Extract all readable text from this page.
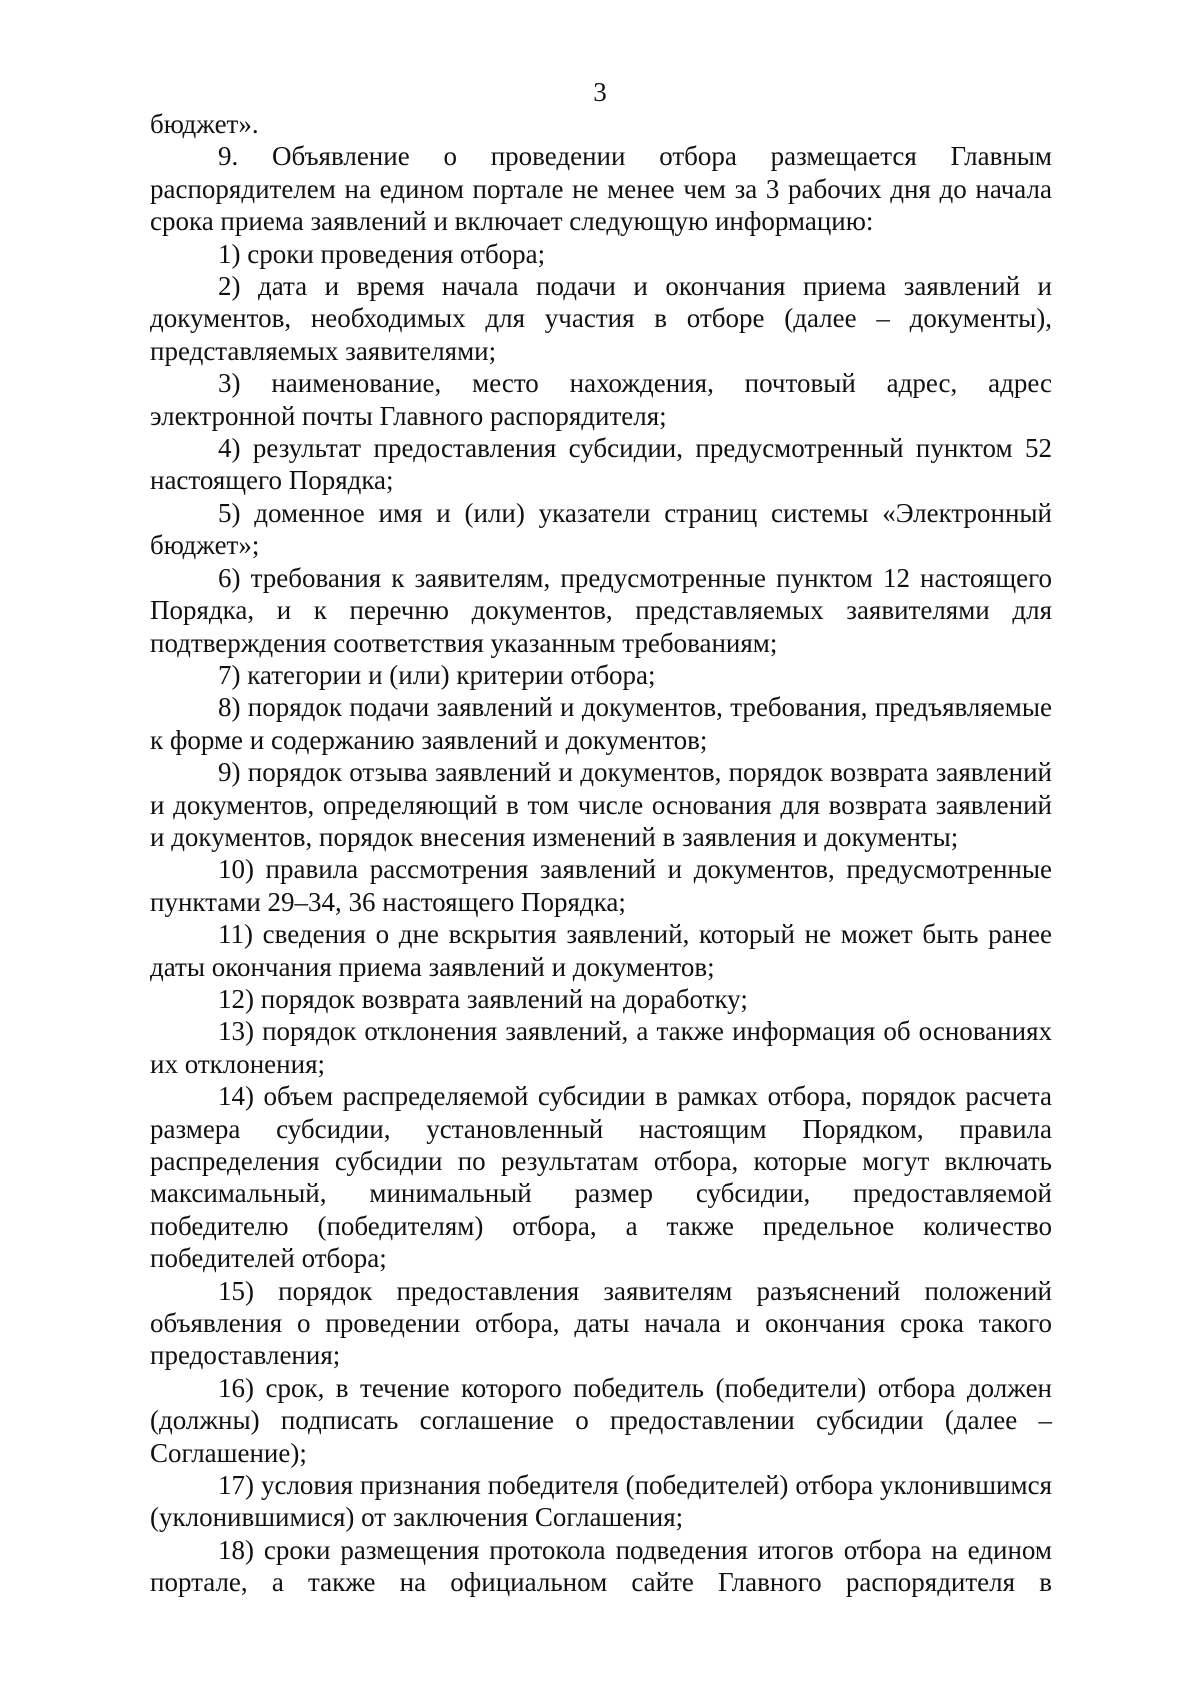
3

бюджет».

9. Объявление о проведении отбора размещается Главным распорядителем на едином портале не менее чем за 3 рабочих дня до начала срока приема заявлений и включает следующую информацию:

1) сроки проведения отбора;

2) дата и время начала подачи и окончания приема заявлений и документов, необходимых для участия в отборе (далее – документы), представляемых заявителями;

3) наименование, место нахождения, почтовый адрес, адрес электронной почты Главного распорядителя;

4) результат предоставления субсидии, предусмотренный пунктом 52 настоящего Порядка;

5) доменное имя и (или) указатели страниц системы «Электронный бюджет»;

6) требования к заявителям, предусмотренные пунктом 12 настоящего Порядка, и к перечню документов, представляемых заявителями для подтверждения соответствия указанным требованиям;

7) категории и (или) критерии отбора;

8) порядок подачи заявлений и документов, требования, предъявляемые к форме и содержанию заявлений и документов;

9) порядок отзыва заявлений и документов, порядок возврата заявлений и документов, определяющий в том числе основания для возврата заявлений и документов, порядок внесения изменений в заявления и документы;

10) правила рассмотрения заявлений и документов, предусмотренные пунктами 29–34, 36 настоящего Порядка;

11) сведения о дне вскрытия заявлений, который не может быть ранее даты окончания приема заявлений и документов;

12) порядок возврата заявлений на доработку;

13) порядок отклонения заявлений, а также информация об основаниях их отклонения;

14) объем распределяемой субсидии в рамках отбора, порядок расчета размера субсидии, установленный настоящим Порядком, правила распределения субсидии по результатам отбора, которые могут включать максимальный, минимальный размер субсидии, предоставляемой победителю (победителям) отбора, а также предельное количество победителей отбора;

15) порядок предоставления заявителям разъяснений положений объявления о проведении отбора, даты начала и окончания срока такого предоставления;

16) срок, в течение которого победитель (победители) отбора должен (должны) подписать соглашение о предоставлении субсидии (далее – Соглашение);

17) условия признания победителя (победителей) отбора уклонившимся (уклонившимися) от заключения Соглашения;

18) сроки размещения протокола подведения итогов отбора на едином портале, а также на официальном сайте Главного распорядителя в
